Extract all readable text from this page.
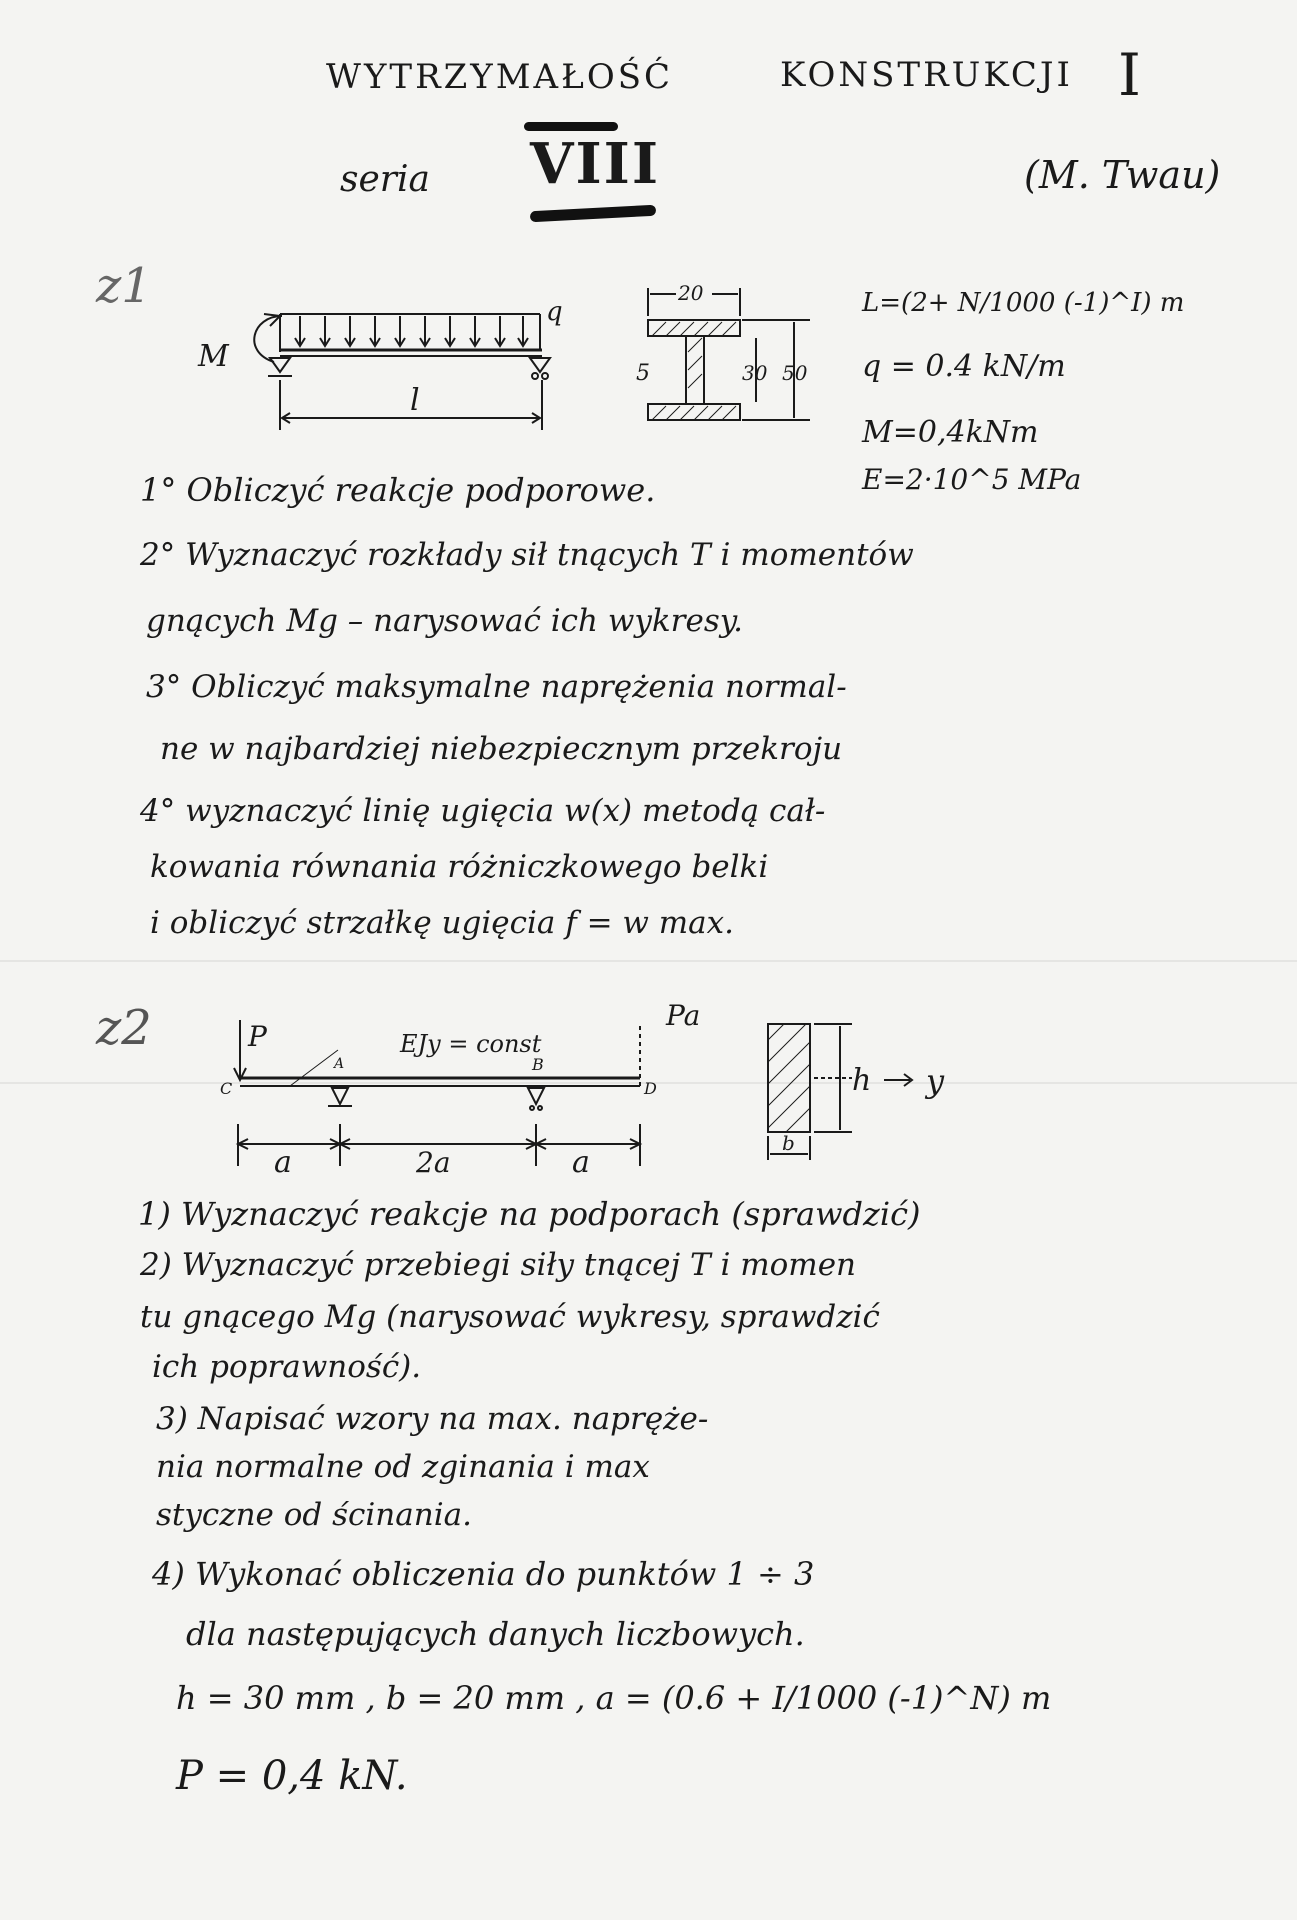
WYTRZYMAŁOŚĆ	KONSTRUKCJI I
seria VIII	(M. Twau)
z1
M
q
l
20
5	30 50
L=(2+ N/1000 (-1)^I) m
q = 0.4 kN/m
M=0,4kNm
E=2·10^5 MPa
1° Obliczyć reakcje podporowe.
2° Wyznaczyć rozkłady sił tnących T i momentów
gnących Mg – narysować ich wykresy.
3° Obliczyć maksymalne naprężenia normal-
ne w najbardziej niebezpiecznym przekroju
4° wyznaczyć linię ugięcia w(x) metodą cał-
kowania równania różniczkowego belki
i obliczyć strzałkę ugięcia f = w max.
z2	P	EJy = const
A	B
C	D
a	2a	a
Pa
h
b
y
1) Wyznaczyć reakcje na podporach (sprawdzić)
2) Wyznaczyć przebiegi siły tnącej T i momen
tu gnącego Mg (narysować wykresy, sprawdzić
ich poprawność).
3) Napisać wzory na max. napręże-
nia normalne od zginania i max
styczne od ścinania.
4) Wykonać obliczenia do punktów 1 ÷ 3
dla następujących danych liczbowych.
h = 30 mm , b = 20 mm , a = (0.6 + I/1000 (-1)^N) m
P = 0,4 kN.
